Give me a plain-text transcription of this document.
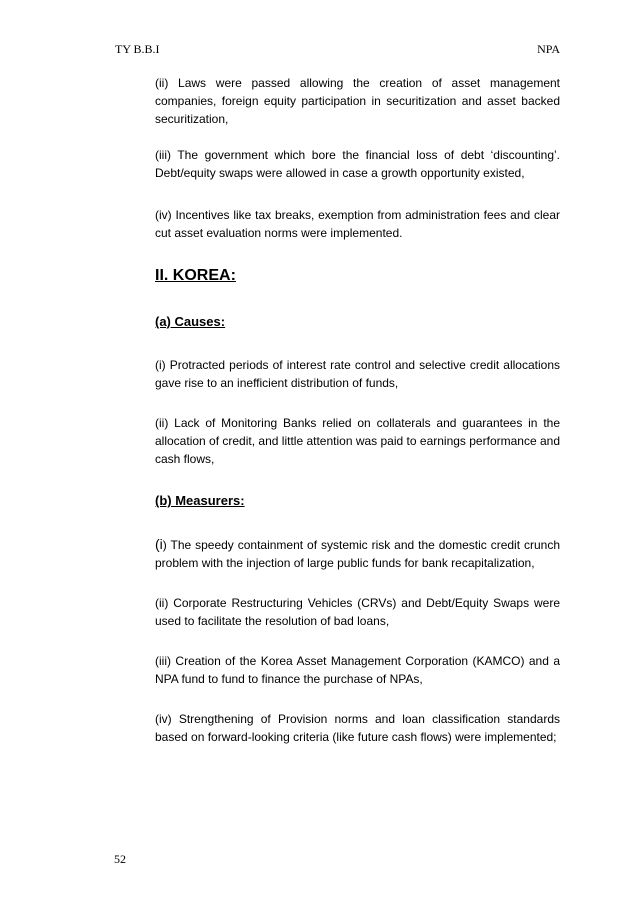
TY B.B.I	NPA

(ii) Laws were passed allowing the creation of asset management companies, foreign equity participation in securitization and asset backed securitization,

(iii) The government which bore the financial loss of debt ‘discounting’. Debt/equity swaps were allowed in case a growth opportunity existed,

(iv) Incentives like tax breaks, exemption from administration fees and clear cut asset evaluation norms were implemented.

II. KOREA:
(a) Causes:

(i) Protracted periods of interest rate control and selective credit allocations gave rise to an inefficient distribution of funds,

(ii) Lack of Monitoring Banks relied on collaterals and guarantees in the allocation of credit, and little attention was paid to earnings performance and cash flows,

(b) Measurers:

(i) The speedy containment of systemic risk and the domestic credit crunch problem with the injection of large public funds for bank recapitalization,

(ii) Corporate Restructuring Vehicles (CRVs) and Debt/Equity Swaps were used to facilitate the resolution of bad loans,

(iii) Creation of the Korea Asset Management Corporation (KAMCO) and a NPA fund to fund to finance the purchase of NPAs,

(iv) Strengthening of Provision norms and loan classification standards based on forward-looking criteria (like future cash flows) were implemented;

52
